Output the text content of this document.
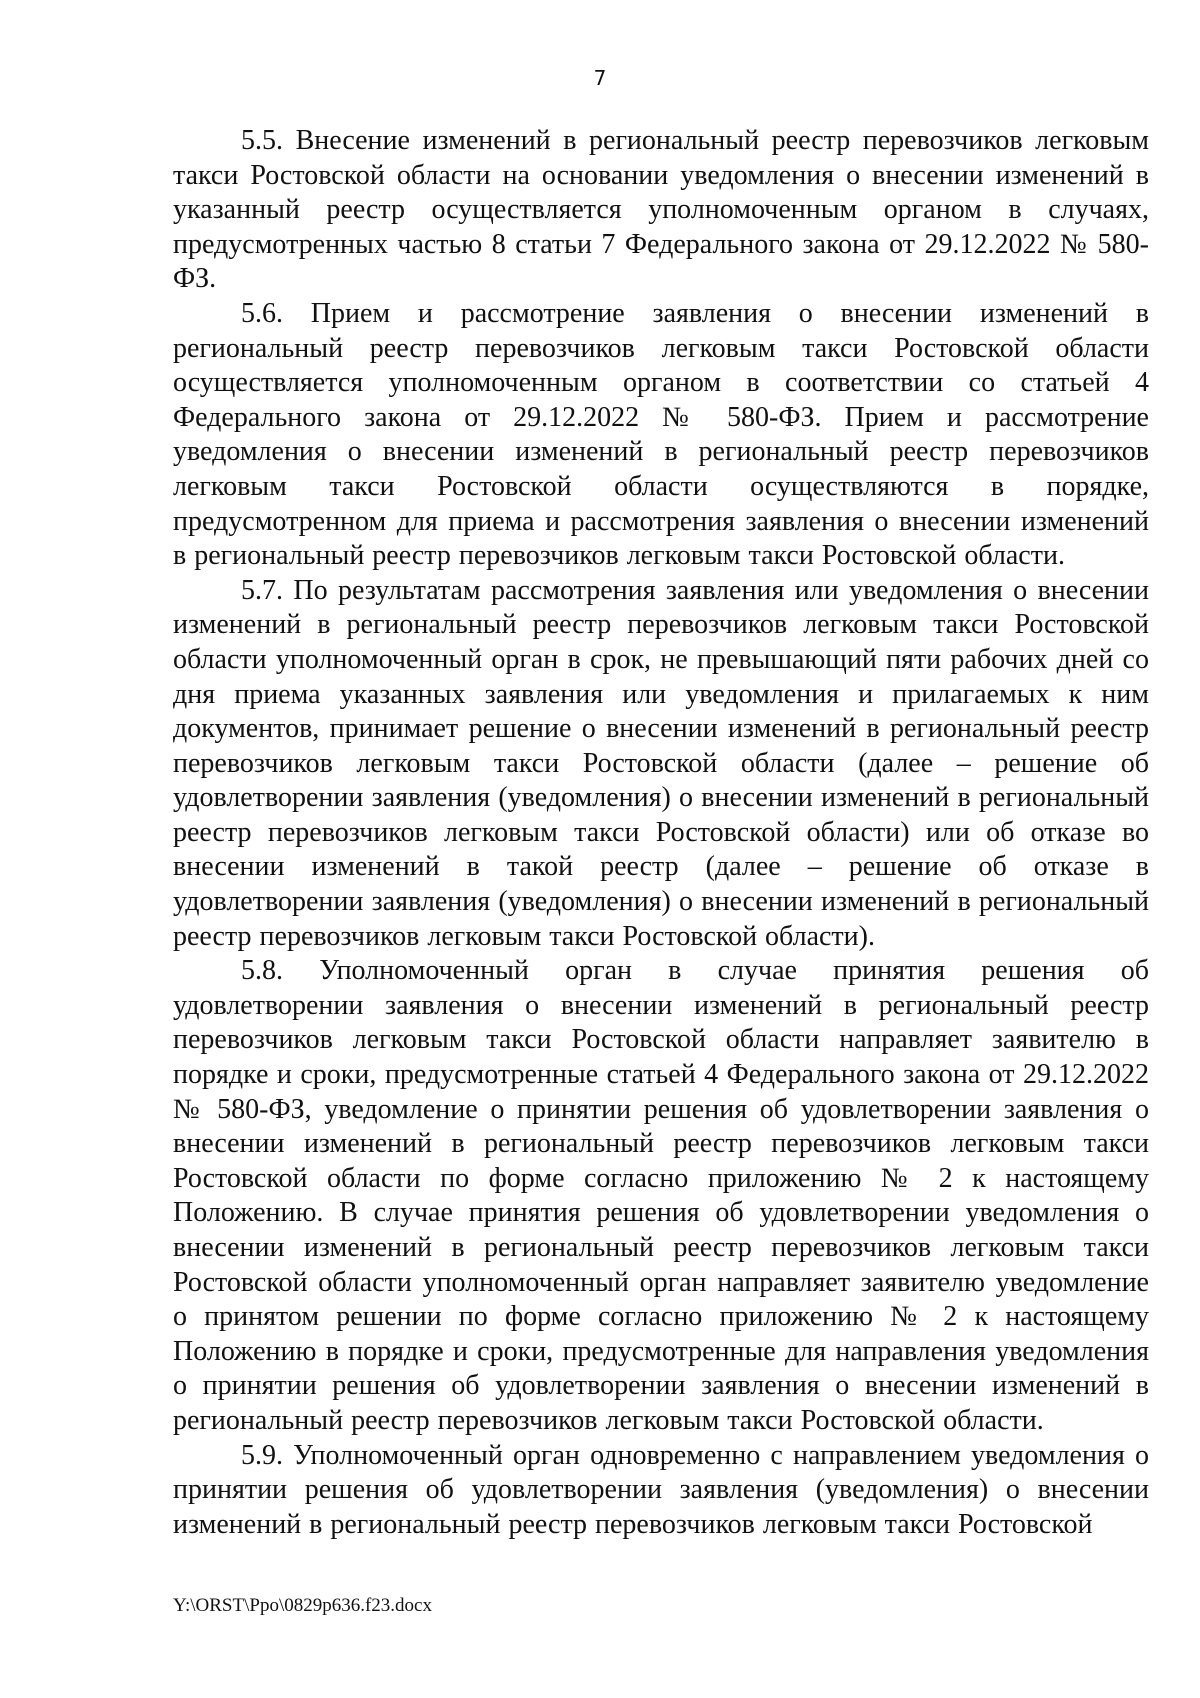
7

5.5. Внесение изменений в региональный реестр перевозчиков легковым такси Ростовской области на основании уведомления о внесении изменений в указанный реестр осуществляется уполномоченным органом в случаях, предусмотренных частью 8 статьи 7 Федерального закона от 29.12.2022 № 580-ФЗ.

5.6. Прием и рассмотрение заявления о внесении изменений в региональный реестр перевозчиков легковым такси Ростовской области осуществляется уполномоченным органом в соответствии со статьей 4 Федерального закона от 29.12.2022 № 580-ФЗ. Прием и рассмотрение уведомления о внесении изменений в региональный реестр перевозчиков легковым такси Ростовской области осуществляются в порядке, предусмотренном для приема и рассмотрения заявления о внесении изменений в региональный реестр перевозчиков легковым такси Ростовской области.

5.7. По результатам рассмотрения заявления или уведомления о внесении изменений в региональный реестр перевозчиков легковым такси Ростовской области уполномоченный орган в срок, не превышающий пяти рабочих дней со дня приема указанных заявления или уведомления и прилагаемых к ним документов, принимает решение о внесении изменений в региональный реестр перевозчиков легковым такси Ростовской области (далее – решение об удовлетворении заявления (уведомления) о внесении изменений в региональный реестр перевозчиков легковым такси Ростовской области) или об отказе во внесении изменений в такой реестр (далее – решение об отказе в удовлетворении заявления (уведомления) о внесении изменений в региональный реестр перевозчиков легковым такси Ростовской области).

5.8. Уполномоченный орган в случае принятия решения об удовлетворении заявления о внесении изменений в региональный реестр перевозчиков легковым такси Ростовской области направляет заявителю в порядке и сроки, предусмотренные статьей 4 Федерального закона от 29.12.2022 № 580-ФЗ, уведомление о принятии решения об удовлетворении заявления о внесении изменений в региональный реестр перевозчиков легковым такси Ростовской области по форме согласно приложению № 2 к настоящему Положению. В случае принятия решения об удовлетворении уведомления о внесении изменений в региональный реестр перевозчиков легковым такси Ростовской области уполномоченный орган направляет заявителю уведомление о принятом решении по форме согласно приложению № 2 к настоящему Положению в порядке и сроки, предусмотренные для направления уведомления о принятии решения об удовлетворении заявления о внесении изменений в региональный реестр перевозчиков легковым такси Ростовской области.

5.9. Уполномоченный орган одновременно с направлением уведомления о принятии решения об удовлетворении заявления (уведомления) о внесении изменений в региональный реестр перевозчиков легковым такси Ростовской

Y:\ORST\Ppo\0829p636.f23.docx
